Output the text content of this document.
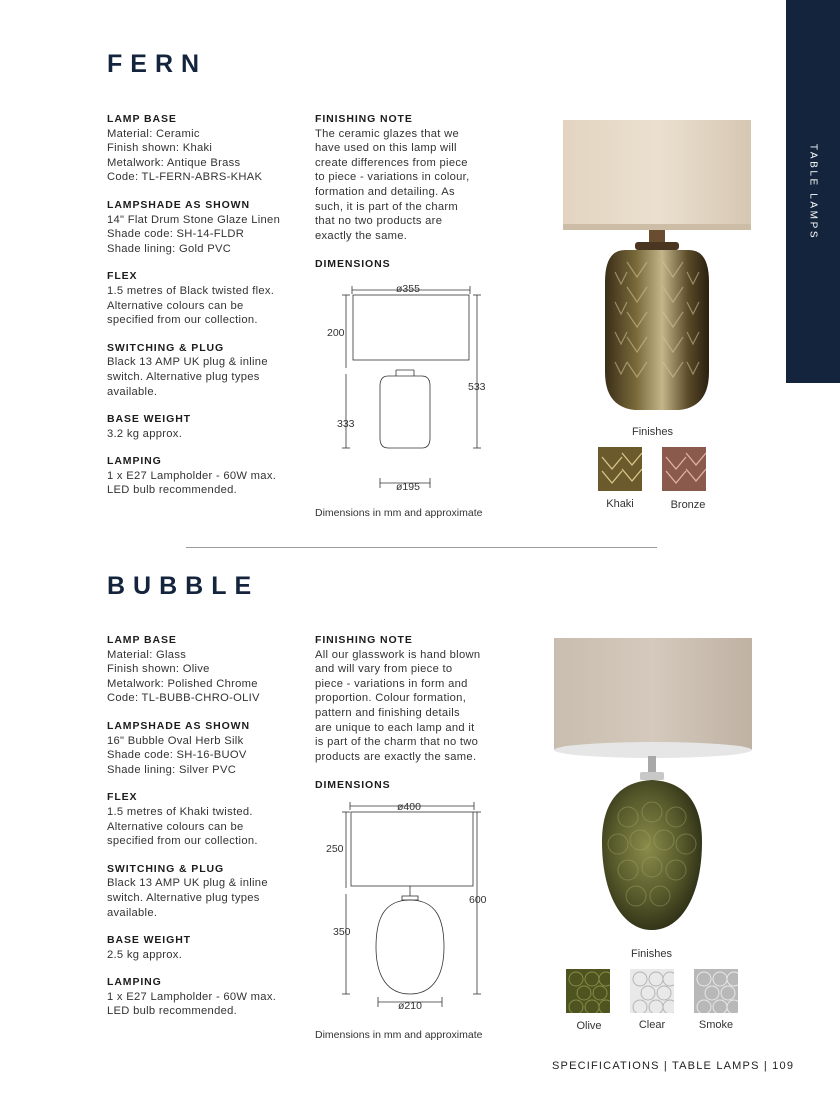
TABLE LAMPS
FERN
LAMP BASE
Material: Ceramic
Finish shown: Khaki
Metalwork: Antique Brass
Code: TL-FERN-ABRS-KHAK
LAMPSHADE AS SHOWN
14" Flat Drum Stone Glaze Linen
Shade code: SH-14-FLDR
Shade lining: Gold PVC
FLEX
1.5 metres of Black twisted flex.
Alternative colours can be
specified from our collection.
SWITCHING & PLUG
Black 13 AMP UK plug & inline
switch. Alternative plug types
available.
BASE WEIGHT
3.2 kg approx.
LAMPING
1 x E27 Lampholder - 60W max.
LED bulb recommended.
FINISHING NOTE
The ceramic glazes that we
have used on this lamp will
create differences from piece
to piece - variations in colour,
formation and detailing. As
such, it is part of the charm
that no two products are
exactly the same.
DIMENSIONS
ø355
200
333
533
ø195
Dimensions in mm and approximate
Finishes
Khaki	Bronze
BUBBLE
LAMP BASE
Material: Glass
Finish shown: Olive
Metalwork: Polished Chrome
Code: TL-BUBB-CHRO-OLIV
LAMPSHADE AS SHOWN
16" Bubble Oval Herb Silk
Shade code: SH-16-BUOV
Shade lining: Silver PVC
FLEX
1.5 metres of Khaki twisted.
Alternative colours can be
specified from our collection.
SWITCHING & PLUG
Black 13 AMP UK plug & inline
switch. Alternative plug types
available.
BASE WEIGHT
2.5 kg approx.
LAMPING
1 x E27 Lampholder - 60W max.
LED bulb recommended.
FINISHING NOTE
All our glasswork is hand blown
and will vary from piece to
piece - variations in form and
proportion. Colour formation,
pattern and finishing details
are unique to each lamp and it
is part of the charm that no two
products are exactly the same.
DIMENSIONS
ø400
250
350
600
ø210
Dimensions in mm and approximate
Finishes
Olive	Clear	Smoke
SPECIFICATIONS | TABLE LAMPS | 109
